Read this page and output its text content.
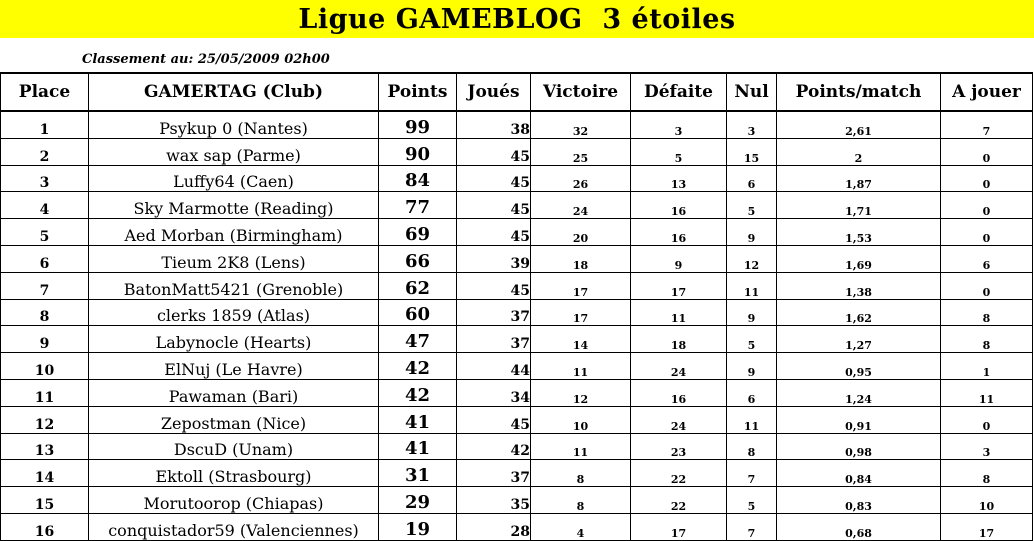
Ligue GAMEBLOG  3 étoiles
Classement au: 25/05/2009 02h00
Place	GAMERTAG (Club)	Points	Joués	Victoire	Défaite	Nul	Points/match	A jouer
1	Psykup 0 (Nantes)	99	38	32	3	3	2,61	7
2	wax sap (Parme)	90	45	25	5	15	2	0
3	Luffy64 (Caen)	84	45	26	13	6	1,87	0
4	Sky Marmotte (Reading)	77	45	24	16	5	1,71	0
5	Aed Morban (Birmingham)	69	45	20	16	9	1,53	0
6	Tieum 2K8 (Lens)	66	39	18	9	12	1,69	6
7	BatonMatt5421 (Grenoble)	62	45	17	17	11	1,38	0
8	clerks 1859 (Atlas)	60	37	17	11	9	1,62	8
9	Labynocle (Hearts)	47	37	14	18	5	1,27	8
10	ElNuj (Le Havre)	42	44	11	24	9	0,95	1
11	Pawaman (Bari)	42	34	12	16	6	1,24	11
12	Zepostman (Nice)	41	45	10	24	11	0,91	0
13	DscuD (Unam)	41	42	11	23	8	0,98	3
14	Ektoll (Strasbourg)	31	37	8	22	7	0,84	8
15	Morutoorop (Chiapas)	29	35	8	22	5	0,83	10
16	conquistador59 (Valenciennes)	19	28	4	17	7	0,68	17
